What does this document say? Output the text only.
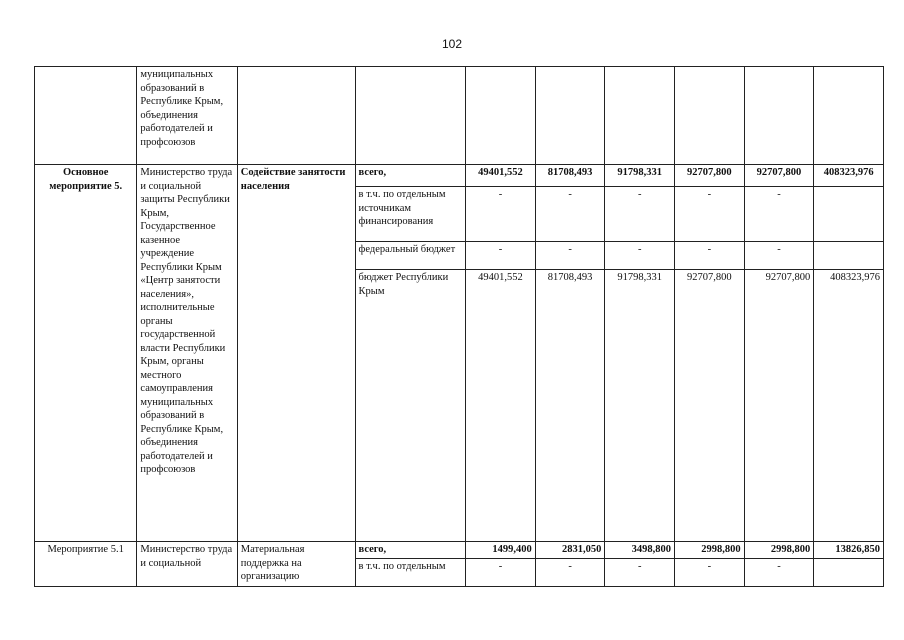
102
	муниципальных образований в Республике Крым, объединения работодателей и профсоюзов								
Основное мероприятие 5.	Министерство труда и социальной защиты Республики Крым, Государственное казенное учреждение Республики Крым «Центр занятости населения», исполнительные органы государственной власти Республики Крым, органы местного самоуправления муниципальных образований в Республике Крым, объединения работодателей и профсоюзов	Содействие занятости населения	всего,	49401,552	81708,493	91798,331	92707,800	92707,800	408323,976
			в т.ч. по отдельным источникам финансирования	-	-	-	-	-	
			федеральный бюджет	-	-	-	-	-	
			бюджет Республики Крым	49401,552	81708,493	91798,331	92707,800	92707,800	408323,976
Мероприятие 5.1	Министерство труда и социальной	Материальная поддержка на организацию	всего,	1499,400	2831,050	3498,800	2998,800	2998,800	13826,850
			в т.ч. по отдельным	-	-	-	-	-	
